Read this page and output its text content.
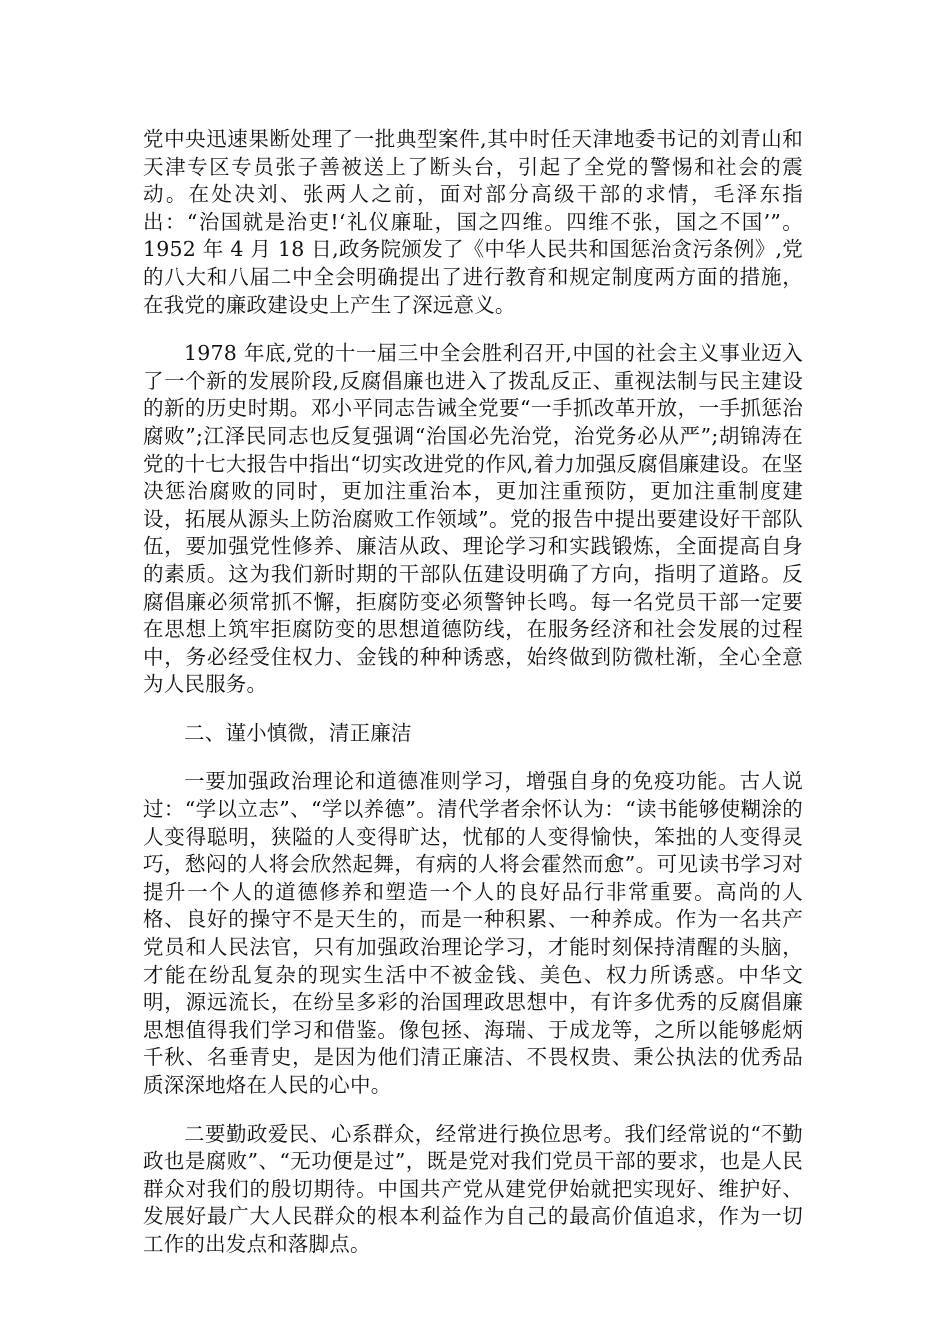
党中央迅速果断处理了一批典型案件,其中时任天津地委书记的刘青山和天津专区专员张子善被送上了断头台，引起了全党的警惕和社会的震动。在处决刘、张两人之前，面对部分高级干部的求情，毛泽东指出：“治国就是治吏!‘礼仪廉耻，国之四维。四维不张，国之不国’”。1952 年 4 月 18 日,政务院颁发了《中华人民共和国惩治贪污条例》,党的八大和八届二中全会明确提出了进行教育和规定制度两方面的措施，在我党的廉政建设史上产生了深远意义。

1978 年底,党的十一届三中全会胜利召开,中国的社会主义事业迈入了一个新的发展阶段,反腐倡廉也进入了拨乱反正、重视法制与民主建设的新的历史时期。邓小平同志告诫全党要“一手抓改革开放，一手抓惩治腐败”;江泽民同志也反复强调“治国必先治党，治党务必从严”;胡锦涛在党的十七大报告中指出“切实改进党的作风,着力加强反腐倡廉建设。在坚决惩治腐败的同时，更加注重治本，更加注重预防，更加注重制度建设，拓展从源头上防治腐败工作领域”。党的报告中提出要建设好干部队伍，要加强党性修养、廉洁从政、理论学习和实践锻炼，全面提高自身的素质。这为我们新时期的干部队伍建设明确了方向，指明了道路。反腐倡廉必须常抓不懈，拒腐防变必须警钟长鸣。每一名党员干部一定要在思想上筑牢拒腐防变的思想道德防线，在服务经济和社会发展的过程中，务必经受住权力、金钱的种种诱惑，始终做到防微杜渐，全心全意为人民服务。

二、谨小慎微，清正廉洁

一要加强政治理论和道德准则学习，增强自身的免疫功能。古人说过：“学以立志”、“学以养德”。清代学者余怀认为：“读书能够使糊涂的人变得聪明，狭隘的人变得旷达，忧郁的人变得愉快，笨拙的人变得灵巧，愁闷的人将会欣然起舞，有病的人将会霍然而愈”。可见读书学习对提升一个人的道德修养和塑造一个人的良好品行非常重要。高尚的人格、良好的操守不是天生的，而是一种积累、一种养成。作为一名共产党员和人民法官，只有加强政治理论学习，才能时刻保持清醒的头脑，才能在纷乱复杂的现实生活中不被金钱、美色、权力所诱惑。中华文明，源远流长，在纷呈多彩的治国理政思想中，有许多优秀的反腐倡廉思想值得我们学习和借鉴。像包拯、海瑞、于成龙等，之所以能够彪炳千秋、名垂青史，是因为他们清正廉洁、不畏权贵、秉公执法的优秀品质深深地烙在人民的心中。

二要勤政爱民、心系群众，经常进行换位思考。我们经常说的“不勤政也是腐败”、“无功便是过”，既是党对我们党员干部的要求，也是人民群众对我们的殷切期待。中国共产党从建党伊始就把实现好、维护好、发展好最广大人民群众的根本利益作为自己的最高价值追求，作为一切工作的出发点和落脚点。
